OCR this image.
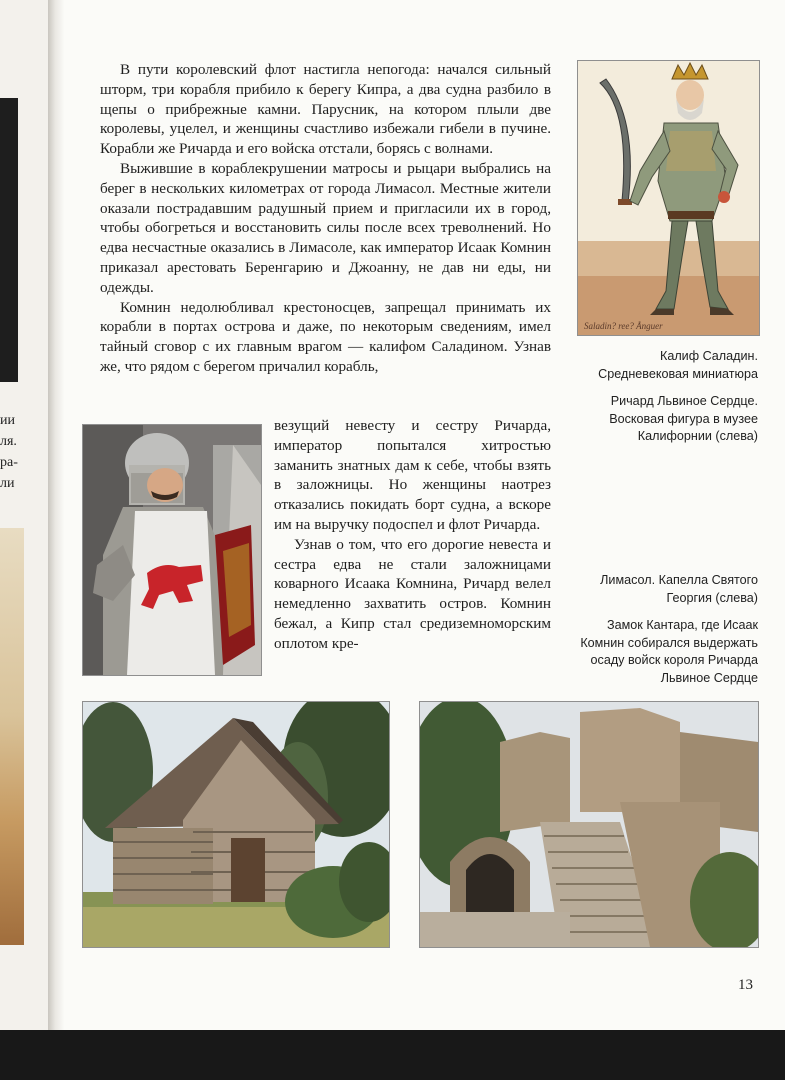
ии
ля.
ра-
ли

В пути королевский флот настигла непогода: начался сильный шторм, три корабля прибило к берегу Кипра, а два судна разбило в щепы о прибрежные камни. Парусник, на котором плыли две королевы, уцелел, и женщины счастливо избежали гибели в пучине. Корабли же Ричарда и его войска отстали, борясь с волнами.

Выжившие в кораблекрушении матросы и рыцари выбрались на берег в нескольких километрах от города Лимасол. Местные жители оказали пострадавшим радушный прием и пригласили их в город, чтобы обогреться и восстановить силы после всех треволнений. Но едва несчастные оказались в Лимасоле, как император Исаак Комнин приказал арестовать Беренгарию и Джоанну, не дав ни еды, ни одежды.

Комнин недолюбливал крестоносцев, запрещал принимать их корабли в портах острова и даже, по некоторым сведениям, имел тайный сговор с их главным врагом — калифом Саладином. Узнав же, что рядом с берегом причалил корабль,

везущий невесту и сестру Ричарда, император попытался хитростью заманить знатных дам к себе, чтобы взять в заложницы. Но женщины наотрез отказались покидать борт судна, а вскоре им на выручку подоспел и флот Ричарда.

Узнав о том, что его дорогие невеста и сестра едва не стали заложницами коварного Исаака Комнина, Ричард велел немедленно захватить остров. Комнин бежал, а Кипр стал средиземноморским оплотом кре-

Saladin? ree? Ånguer
Калиф Саладин. Средневековая миниатюра
Ричард Львиное Сердце. Восковая фигура в музее Калифорнии (слева)
Лимасол. Капелла Святого Георгия (слева)
Замок Кантара, где Исаак Комнин собирался выдержать осаду войск короля Ричарда Львиное Сердце
13
